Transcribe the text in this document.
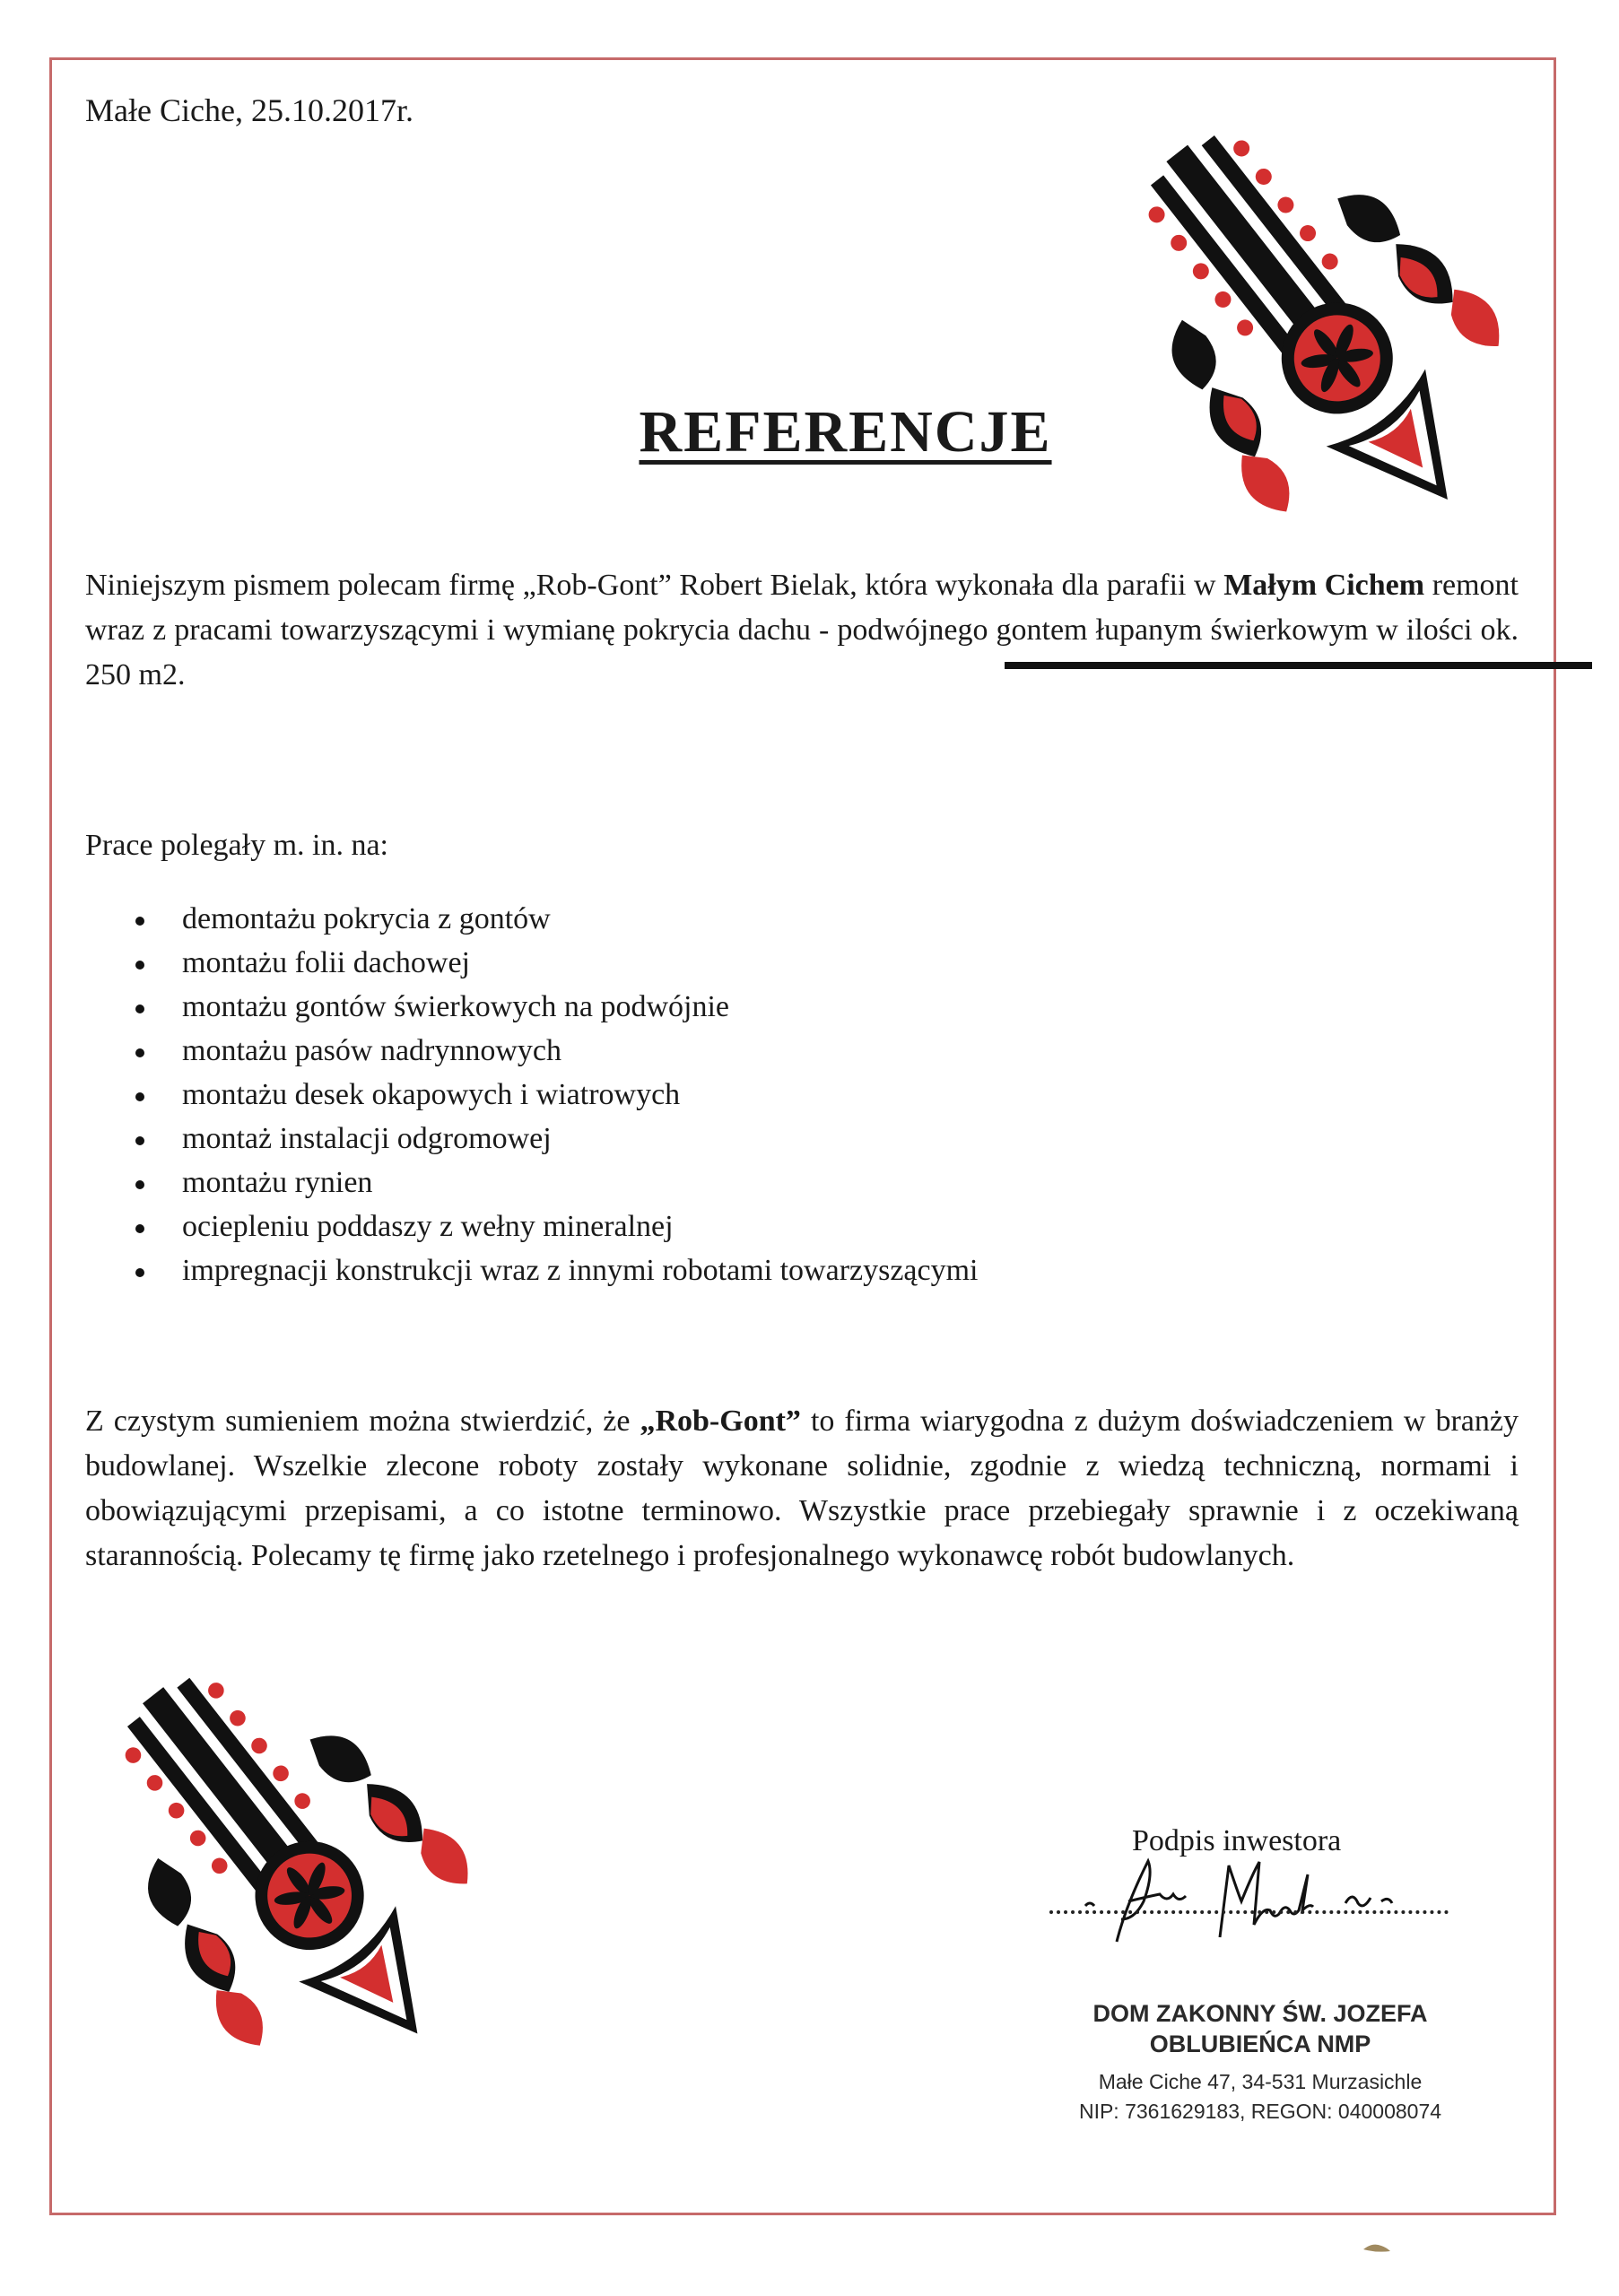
Małe Ciche, 25.10.2017r.
REFERENCJE
Niniejszym pismem polecam firmę „Rob-Gont” Robert Bielak, która wykonała dla parafii w Małym Cichem remont wraz z pracami towarzyszącymi i wymianę pokrycia dachu - podwójnego gontem łupanym świerkowym w ilości ok. 250 m2.
Prace polegały m. in. na:
demontażu pokrycia z gontów
montażu folii dachowej
montażu gontów świerkowych na podwójnie
montażu pasów nadrynnowych
montażu desek okapowych i wiatrowych
montaż instalacji odgromowej
montażu rynien
ociepleniu poddaszy z wełny mineralnej
impregnacji konstrukcji wraz z innymi robotami towarzyszącymi
Z czystym sumieniem można stwierdzić, że „Rob-Gont” to firma wiarygodna z dużym doświadczeniem w branży budowlanej. Wszelkie zlecone roboty zostały wykonane solidnie, zgodnie z wiedzą techniczną, normami i obowiązującymi przepisami, a co istotne terminowo. Wszystkie prace przebiegały sprawnie i z oczekiwaną starannością. Polecamy tę firmę jako rzetelnego i profesjonalnego wykonawcę robót budowlanych.
Podpis inwestora
DOM ZAKONNY ŚW. JOZEFA
OBLUBIEŃCA NMP
Małe Ciche 47, 34-531 Murzasichle
NIP: 7361629183, REGON: 040008074
